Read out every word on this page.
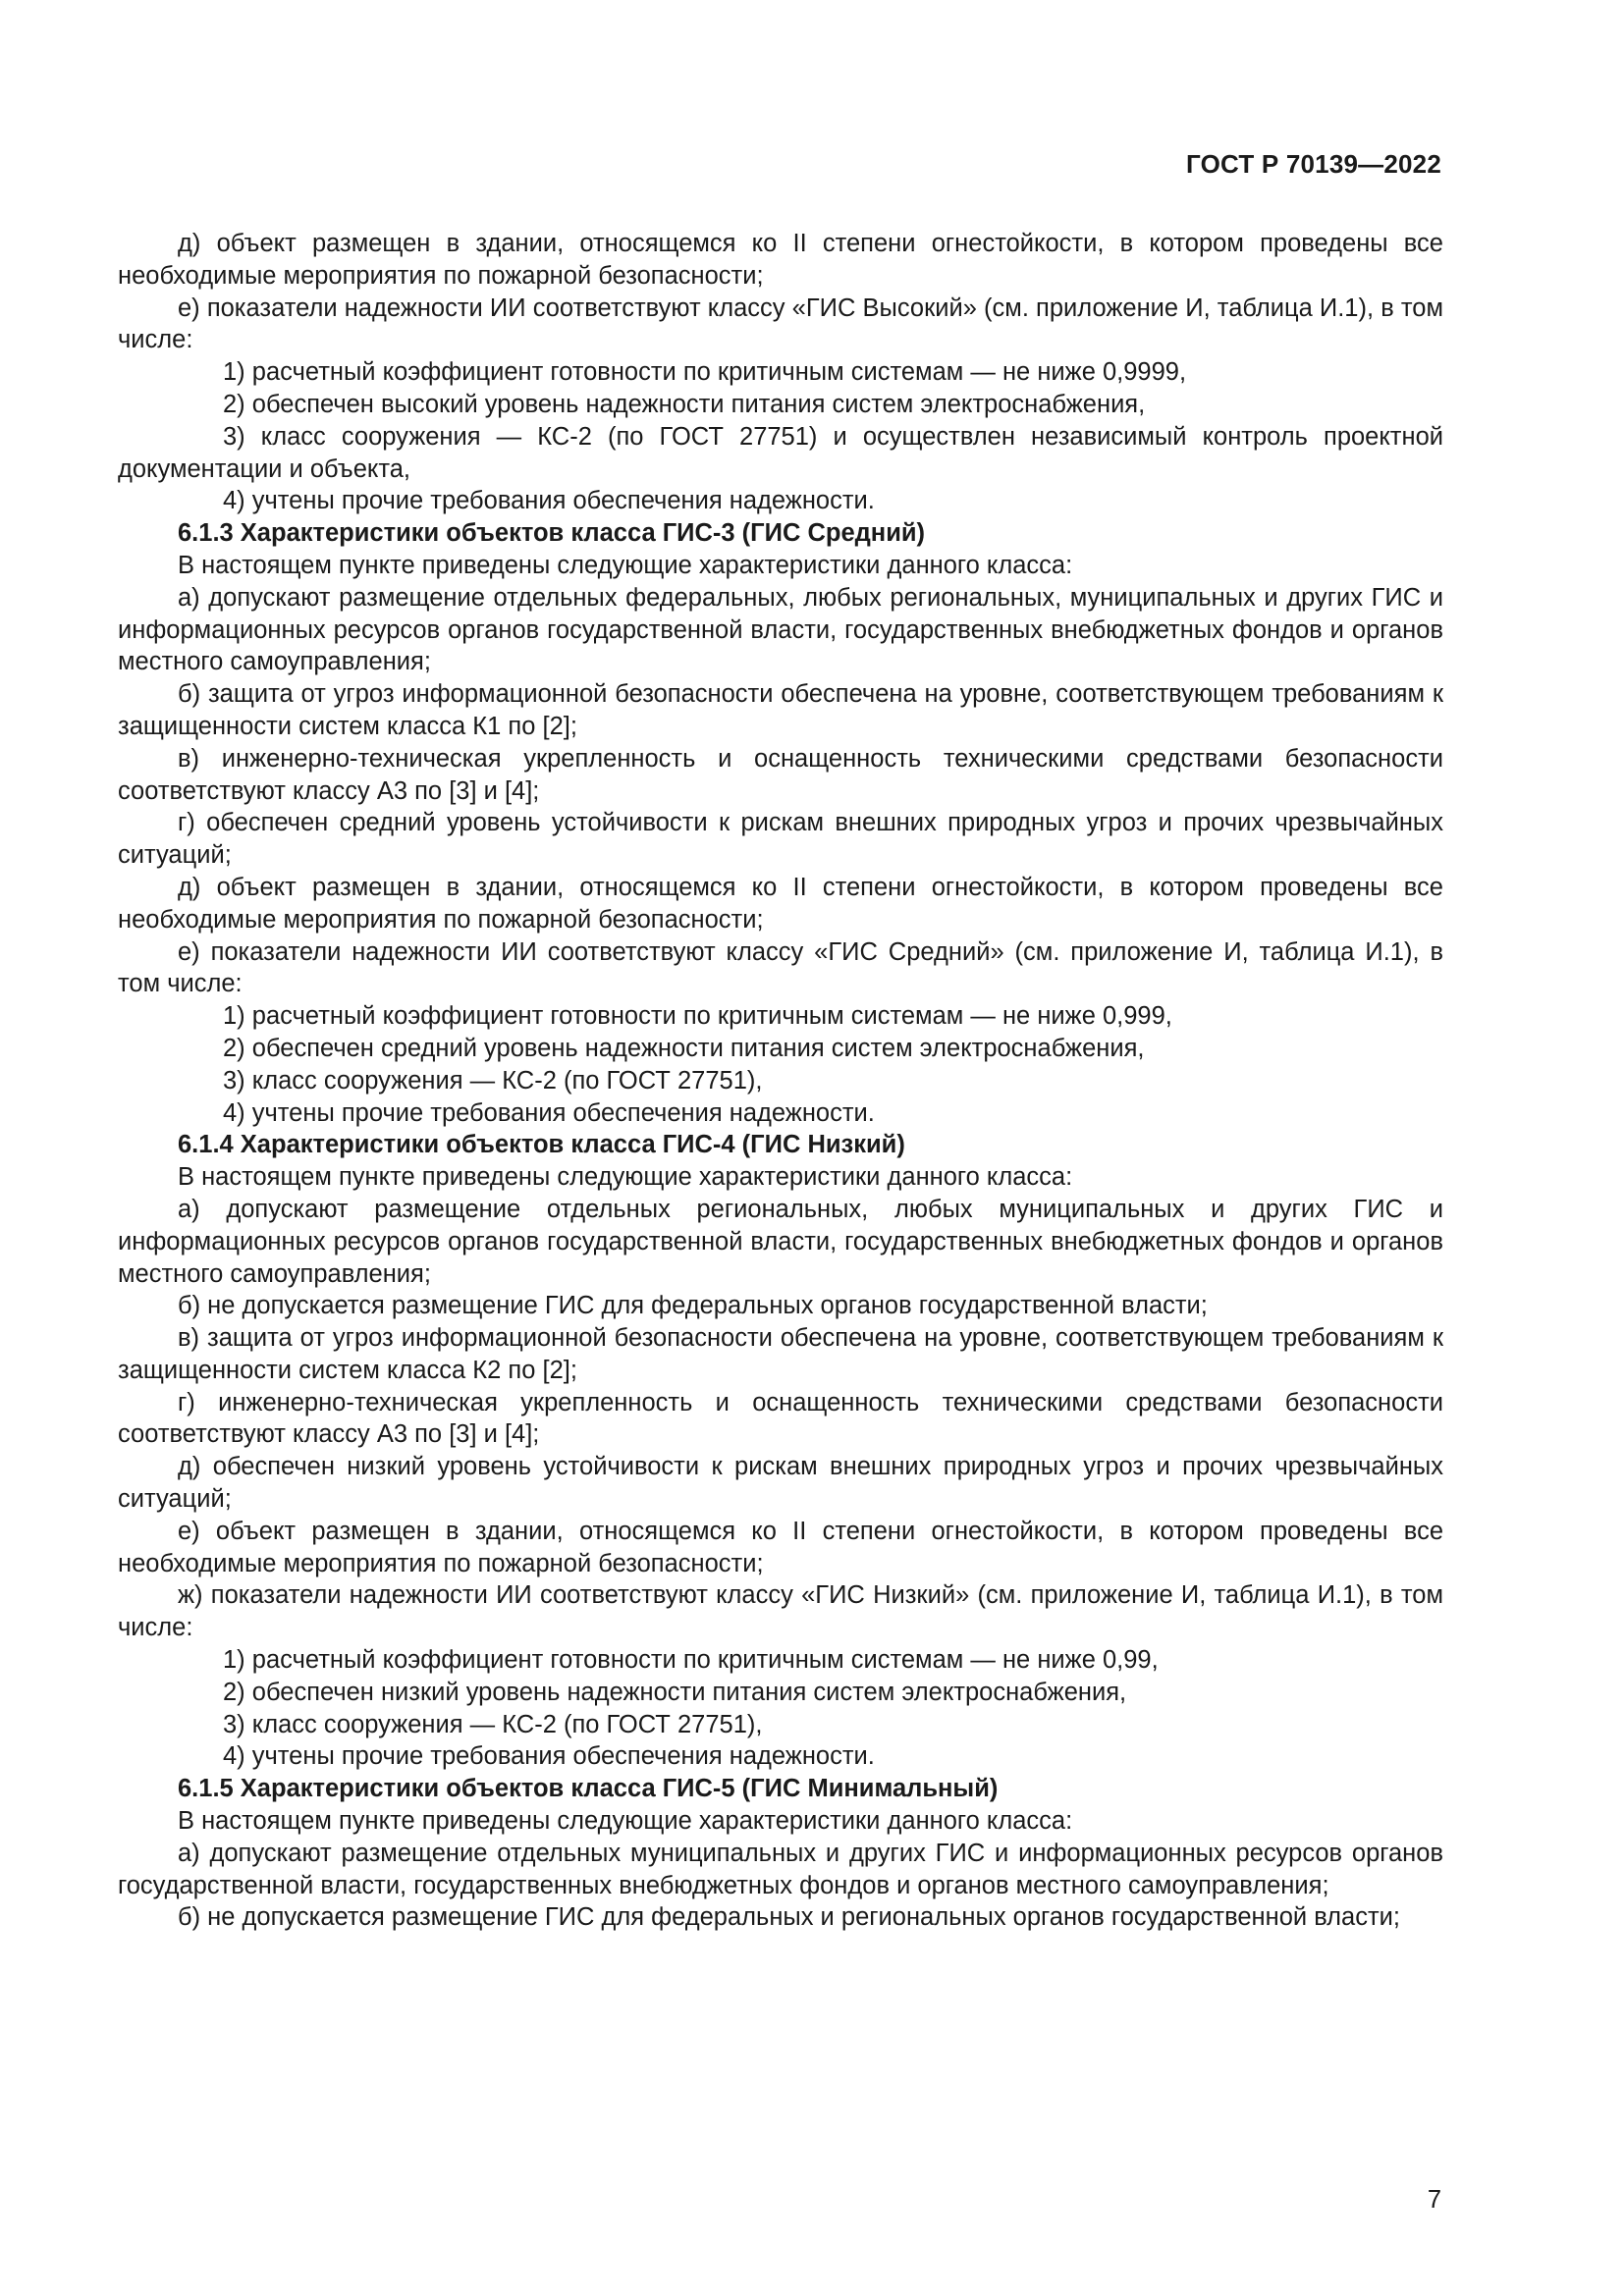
ГОСТ Р 70139—2022

д) объект размещен в здании, относящемся ко II степени огнестойкости, в котором проведены все необходимые мероприятия по пожарной безопасности;

е) показатели надежности ИИ соответствуют классу «ГИС Высокий» (см. приложение И, таблица И.1), в том числе:

1) расчетный коэффициент готовности по критичным системам — не ниже 0,9999,

2) обеспечен высокий уровень надежности питания систем электроснабжения,

3) класс сооружения — КС-2 (по ГОСТ 27751) и осуществлен независимый контроль проектной документации и объекта,

4) учтены прочие требования обеспечения надежности.

6.1.3 Характеристики объектов класса ГИС-3 (ГИС Средний)

В настоящем пункте приведены следующие характеристики данного класса:

а) допускают размещение отдельных федеральных, любых региональных, муниципальных и других ГИС и информационных ресурсов органов государственной власти, государственных внебюджетных фондов и органов местного самоуправления;

б) защита от угроз информационной безопасности обеспечена на уровне, соответствующем требованиям к защищенности систем класса К1 по [2];

в) инженерно-техническая укрепленность и оснащенность техническими средствами безопасности соответствуют классу А3 по [3] и [4];

г) обеспечен средний уровень устойчивости к рискам внешних природных угроз и прочих чрезвычайных ситуаций;

д) объект размещен в здании, относящемся ко II степени огнестойкости, в котором проведены все необходимые мероприятия по пожарной безопасности;

е) показатели надежности ИИ соответствуют классу «ГИС Средний» (см. приложение И, таблица И.1), в том числе:

1) расчетный коэффициент готовности по критичным системам — не ниже 0,999,

2) обеспечен средний уровень надежности питания систем электроснабжения,

3) класс сооружения — КС-2 (по ГОСТ 27751),

4) учтены прочие требования обеспечения надежности.

6.1.4 Характеристики объектов класса ГИС-4 (ГИС Низкий)

В настоящем пункте приведены следующие характеристики данного класса:

а) допускают размещение отдельных региональных, любых муниципальных и других ГИС и информационных ресурсов органов государственной власти, государственных внебюджетных фондов и органов местного самоуправления;

б) не допускается размещение ГИС для федеральных органов государственной власти;

в) защита от угроз информационной безопасности обеспечена на уровне, соответствующем требованиям к защищенности систем класса К2 по [2];

г) инженерно-техническая укрепленность и оснащенность техническими средствами безопасности соответствуют классу А3 по [3] и [4];

д) обеспечен низкий уровень устойчивости к рискам внешних природных угроз и прочих чрезвычайных ситуаций;

е) объект размещен в здании, относящемся ко II степени огнестойкости, в котором проведены все необходимые мероприятия по пожарной безопасности;

ж) показатели надежности ИИ соответствуют классу «ГИС Низкий» (см. приложение И, таблица И.1), в том числе:

1) расчетный коэффициент готовности по критичным системам — не ниже 0,99,

2) обеспечен низкий уровень надежности питания систем электроснабжения,

3) класс сооружения — КС-2 (по ГОСТ 27751),

4) учтены прочие требования обеспечения надежности.

6.1.5 Характеристики объектов класса ГИС-5 (ГИС Минимальный)

В настоящем пункте приведены следующие характеристики данного класса:

а) допускают размещение отдельных муниципальных и других ГИС и информационных ресурсов органов государственной власти, государственных внебюджетных фондов и органов местного самоуправления;

б) не допускается размещение ГИС для федеральных и региональных органов государственной власти;

7
